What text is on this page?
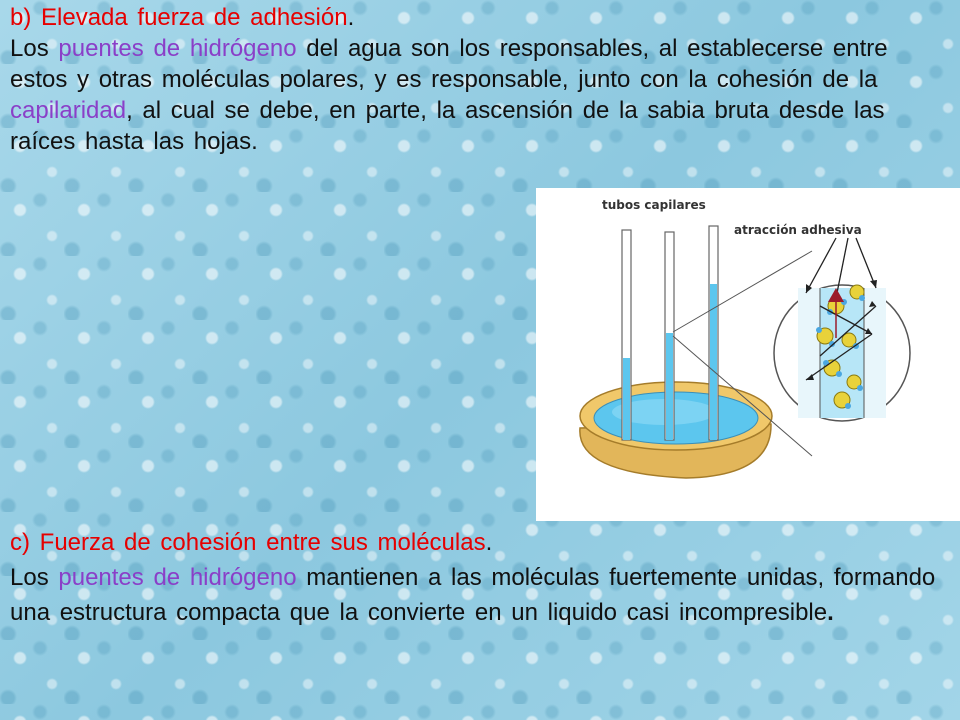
b) Elevada fuerza de adhesión.
Los puentes de hidrógeno del agua son los responsables, al establecerse entre estos y otras moléculas polares, y es responsable, junto con la cohesión de la capilaridad, al cual se debe, en parte, la ascensión de la sabia bruta desde las raíces hasta las hojas.
tubos capilares
atracción adhesiva
c) Fuerza de cohesión entre sus moléculas.
Los puentes de hidrógeno mantienen a las moléculas fuertemente unidas, formando una estructura compacta que la convierte en un liquido casi incompresible.
